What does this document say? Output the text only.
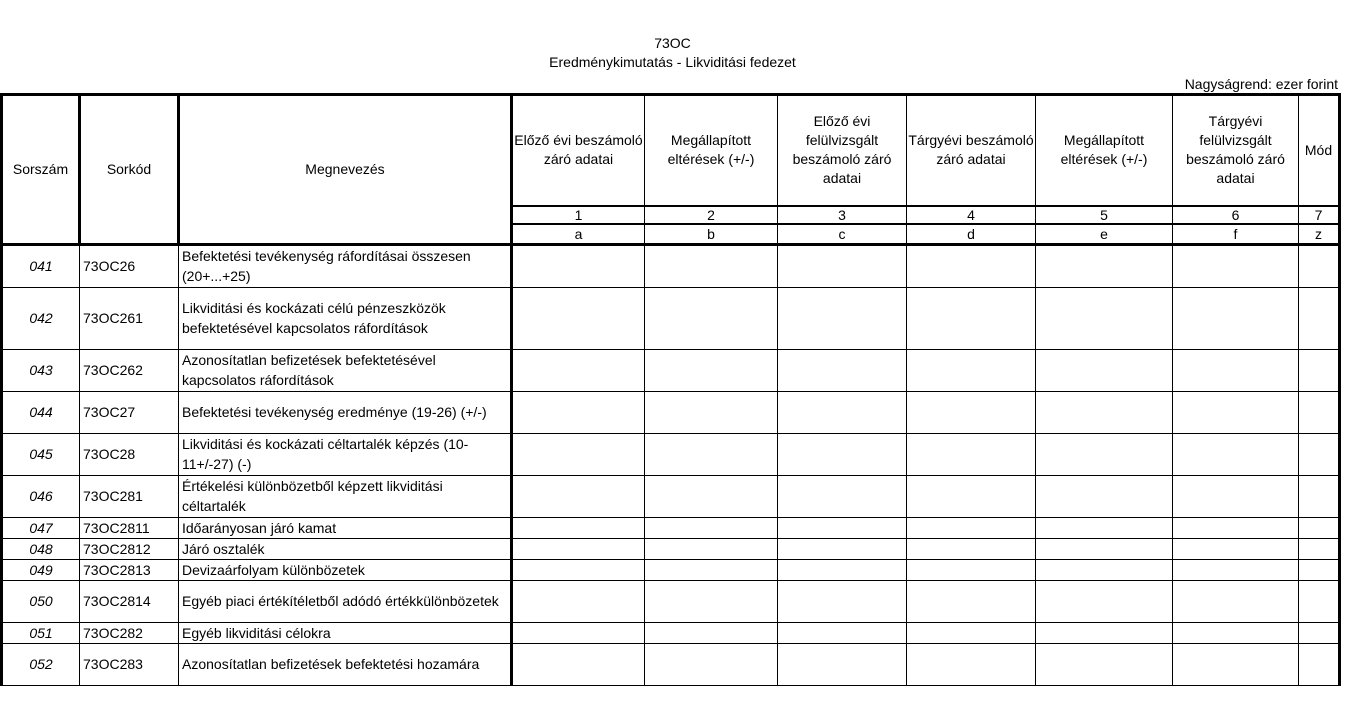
73OC
Eredménykimutatás - Likviditási fedezet
Nagyságrend: ezer forint
Sorszám	Sorkód	Megnevezés	Előző évi beszámoló záró adatai	Megállapított eltérések (+/-)	Előző évi felülvizsgált beszámoló záró adatai	Tárgyévi beszámoló záró adatai	Megállapított eltérések (+/-)	Tárgyévi felülvizsgált beszámoló záró adatai	Mód
			1	2	3	4	5	6	7
			a	b	c	d	e	f	z
041	73OC26	Befektetési tevékenység ráfordításai összesen (20+...+25)							
042	73OC261	Likviditási és kockázati célú pénzeszközök befektetésével kapcsolatos ráfordítások							
043	73OC262	Azonosítatlan befizetések befektetésével kapcsolatos ráfordítások							
044	73OC27	Befektetési tevékenység eredménye (19-26) (+/-)							
045	73OC28	Likviditási és kockázati céltartalék képzés (10-11+/-27) (-)							
046	73OC281	Értékelési különbözetből képzett likviditási céltartalék							
047	73OC2811	Időarányosan járó kamat							
048	73OC2812	Járó osztalék							
049	73OC2813	Devizaárfolyam különbözetek							
050	73OC2814	Egyéb piaci értékítéletből adódó értékkülönbözetek							
051	73OC282	Egyéb likviditási célokra							
052	73OC283	Azonosítatlan befizetések befektetési hozamára							
